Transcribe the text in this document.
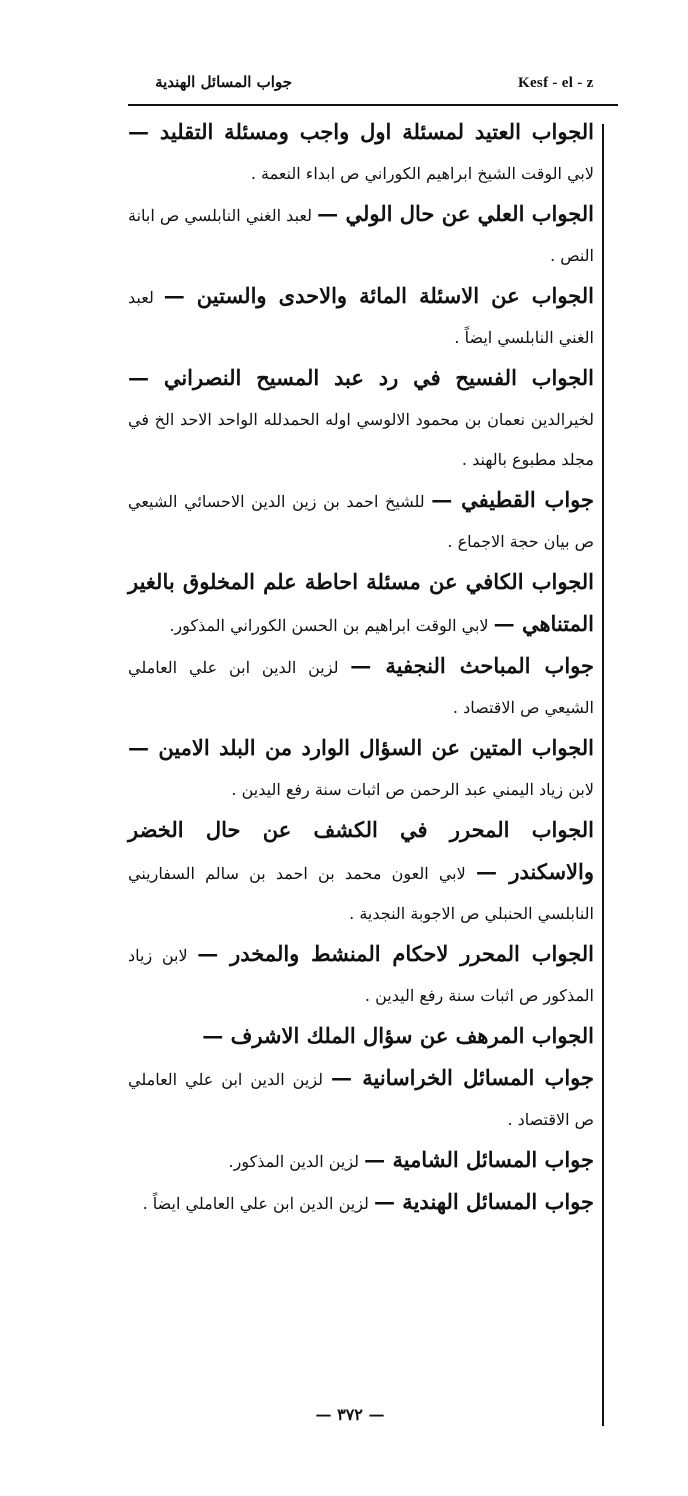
Kesf - el - z
جواب المسائل الهندية

الجواب العتيد لمسئلة اول واجب ومسئلة التقليد — لابي الوقت الشيخ ابراهيم الكوراني ص ابداء النعمة .

الجواب العلي عن حال الولي — لعبد الغني النابلسي ص ابانة النص .

الجواب عن الاسئلة المائة والاحدى والستين — لعبد الغني النابلسي ايضاً .

الجواب الفسيح في رد عبد المسيح النصراني — لخيرالدين نعمان بن محمود الالوسي اوله الحمدلله الواحد الاحد الخ في مجلد مطبوع بالهند .

جواب القطيفي — للشيخ احمد بن زين الدين الاحسائي الشيعي ص بيان حجة الاجماع .

الجواب الكافي عن مسئلة احاطة علم المخلوق بالغير المتناهي — لابي الوقت ابراهيم بن الحسن الكوراني المذكور.

جواب المباحث النجفية — لزين الدين ابن علي العاملي الشيعي ص الاقتصاد .

الجواب المتين عن السؤال الوارد من البلد الامين — لابن زياد اليمني عبد الرحمن ص اثبات سنة رفع اليدين .

الجواب المحرر في الكشف عن حال الخضر والاسكندر — لابي العون محمد بن احمد بن سالم السفاريني النابلسي الحنبلي ص الاجوبة النجدية .

الجواب المحرر لاحكام المنشط والمخدر — لابن زياد المذكور ص اثبات سنة رفع اليدين .

الجواب المرهف عن سؤال الملك الاشرف —

جواب المسائل الخراسانية — لزين الدين ابن علي العاملي ص الاقتصاد .

جواب المسائل الشامية — لزين الدين المذكور.

جواب المسائل الهندية — لزين الدين ابن علي العاملي ايضاً .

— ٣٧٢ —
